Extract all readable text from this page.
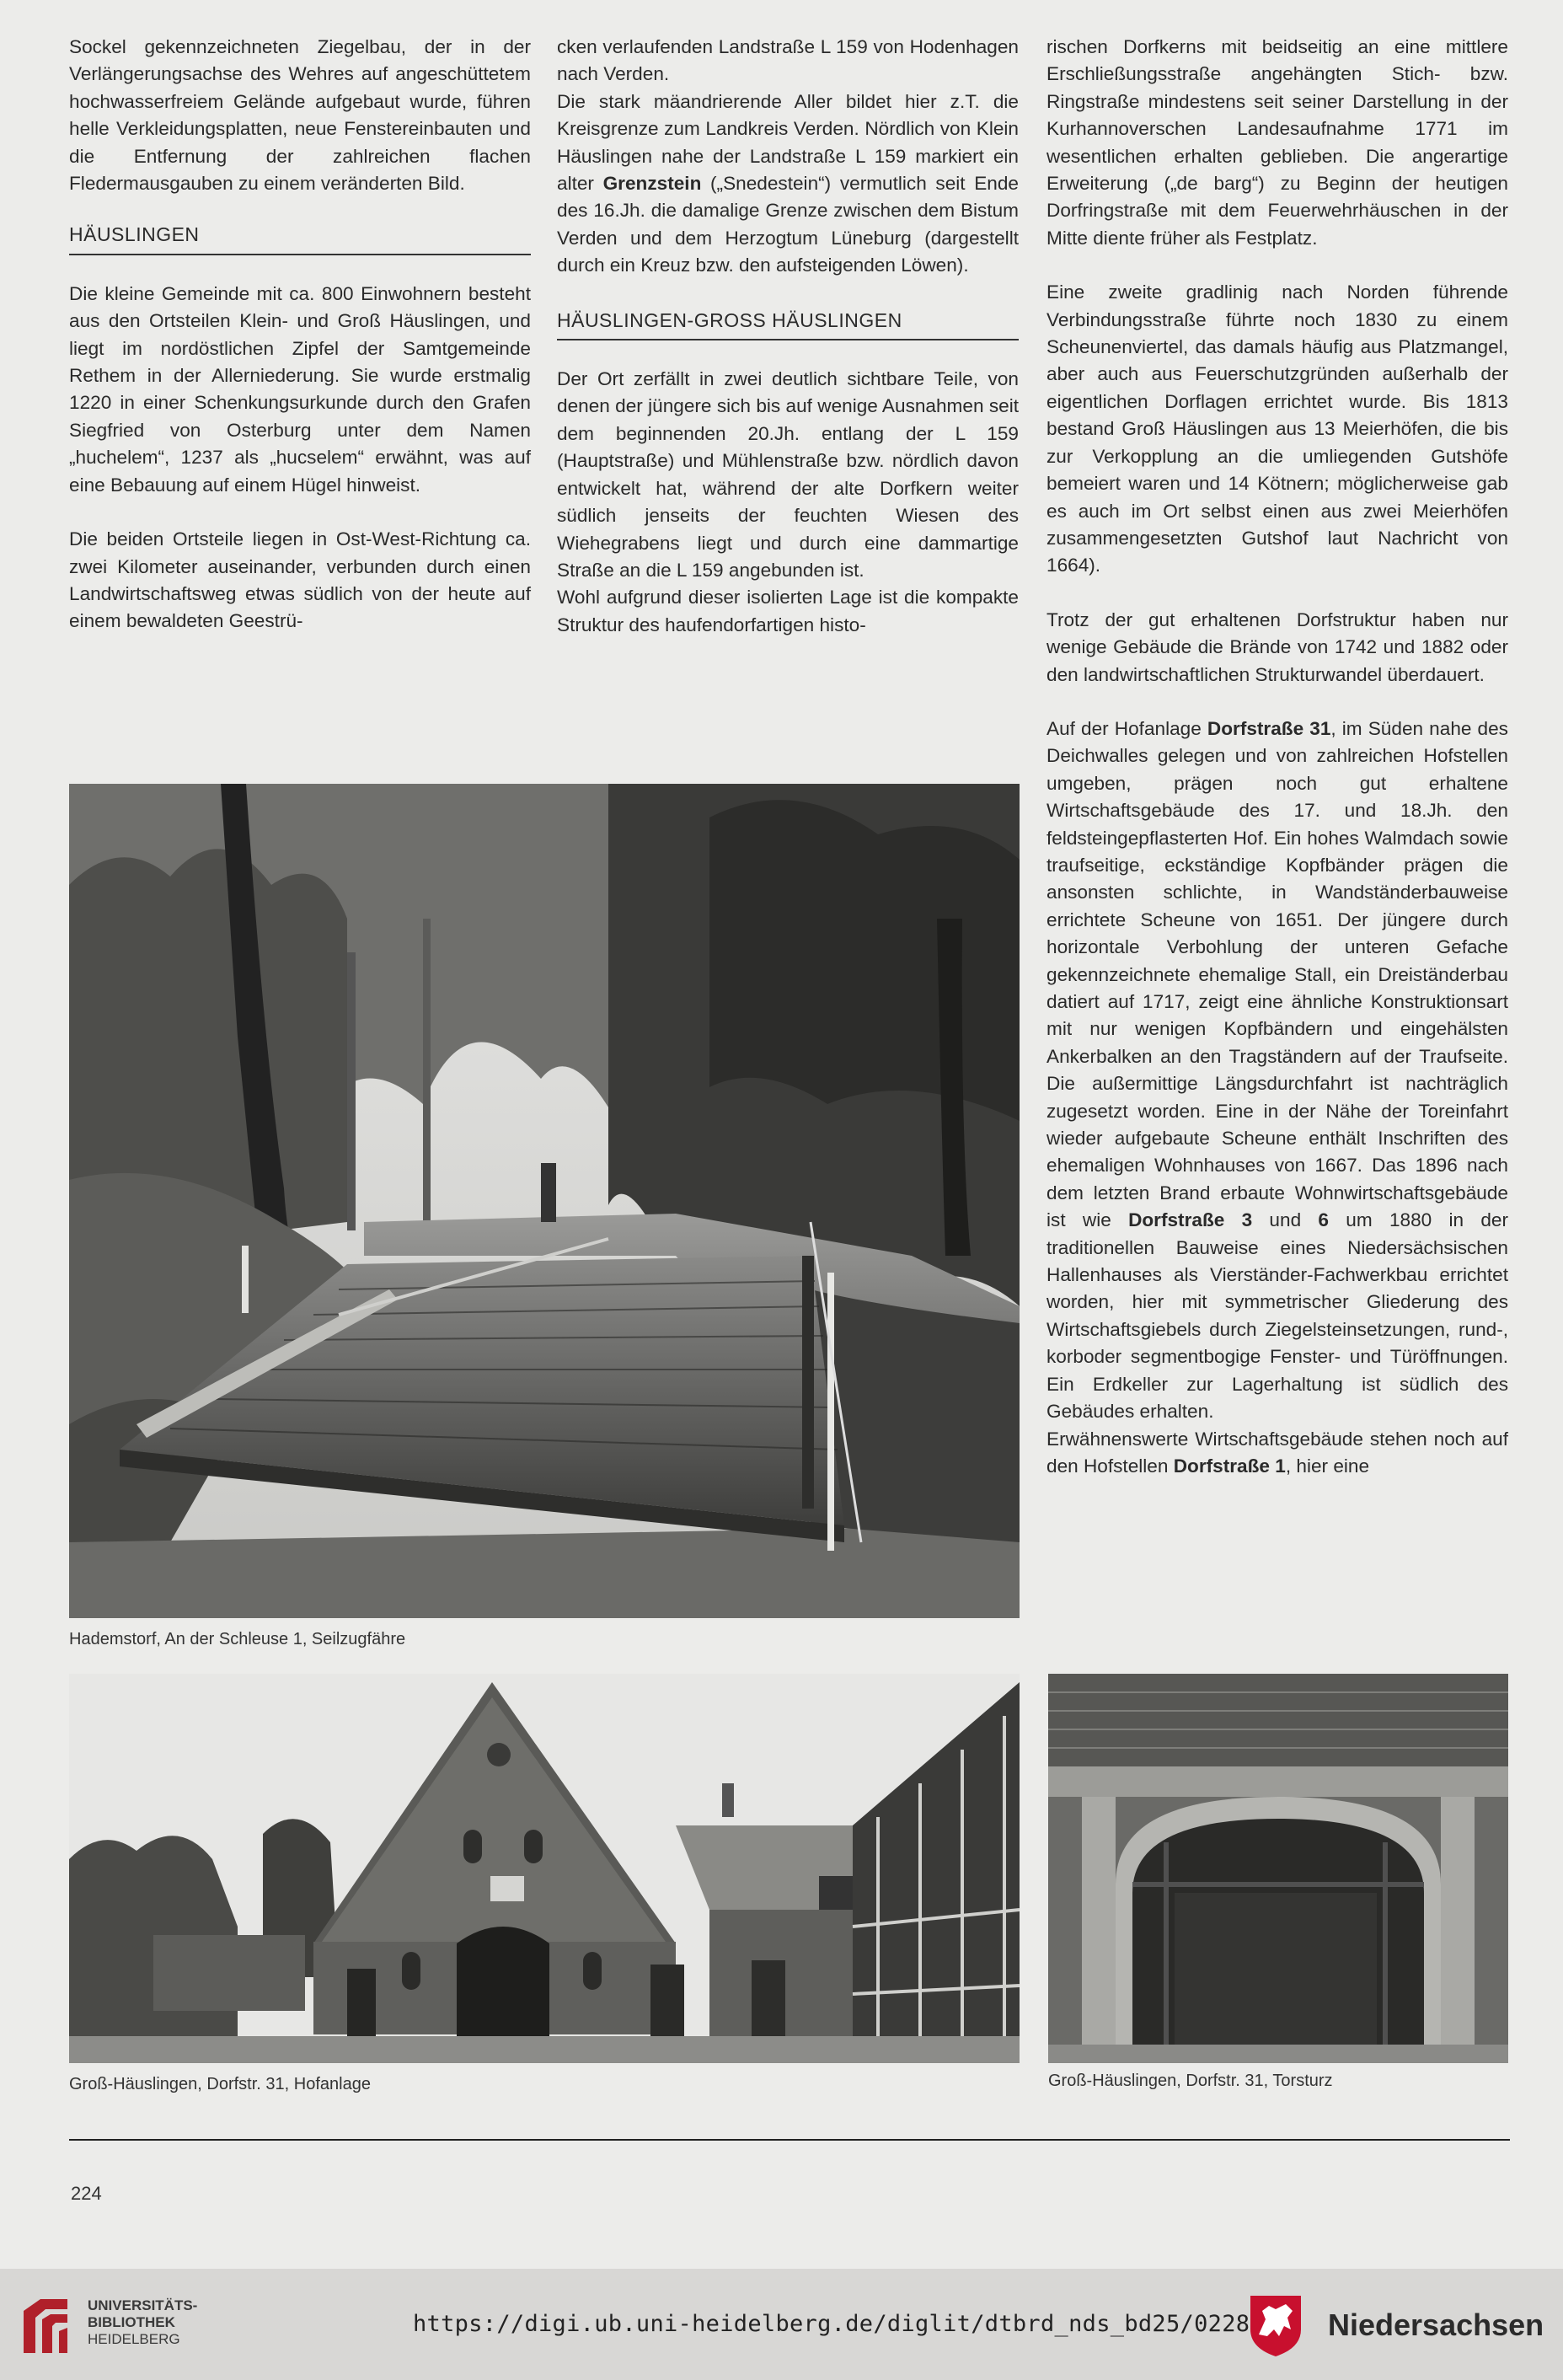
Sockel gekennzeichneten Ziegelbau, der in der Verlängerungsachse des Wehres auf angeschüttetem hochwasserfreiem Gelände aufgebaut wurde, führen helle Verkleidungsplatten, neue Fenstereinbauten und die Entfernung der zahlreichen flachen Fledermausgauben zu einem veränderten Bild.

HÄUSLINGEN

Die kleine Gemeinde mit ca. 800 Einwohnern besteht aus den Ortsteilen Klein- und Groß Häuslingen, und liegt im nordöstlichen Zipfel der Samtgemeinde Rethem in der Allerniederung. Sie wurde erstmalig 1220 in einer Schenkungsurkunde durch den Grafen Siegfried von Osterburg unter dem Namen „huchelem“, 1237 als „hucselem“ erwähnt, was auf eine Bebauung auf einem Hügel hinweist.

Die beiden Ortsteile liegen in Ost-West-Richtung ca. zwei Kilometer auseinander, verbunden durch einen Landwirtschaftsweg etwas südlich von der heute auf einem bewaldeten Geestrü-

cken verlaufenden Landstraße L 159 von Hodenhagen nach Verden.

Die stark mäandrierende Aller bildet hier z.T. die Kreisgrenze zum Landkreis Verden. Nördlich von Klein Häuslingen nahe der Landstraße L 159 markiert ein alter Grenzstein („Snedestein“) vermutlich seit Ende des 16.Jh. die damalige Grenze zwischen dem Bistum Verden und dem Herzogtum Lüneburg (dargestellt durch ein Kreuz bzw. den aufsteigenden Löwen).

HÄUSLINGEN-GROSS HÄUSLINGEN

Der Ort zerfällt in zwei deutlich sichtbare Teile, von denen der jüngere sich bis auf wenige Ausnahmen seit dem beginnenden 20.Jh. entlang der L 159 (Hauptstraße) und Mühlenstraße bzw. nördlich davon entwickelt hat, während der alte Dorfkern weiter südlich jenseits der feuchten Wiesen des Wiehegrabens liegt und durch eine dammartige Straße an die L 159 angebunden ist.

Wohl aufgrund dieser isolierten Lage ist die kompakte Struktur des haufendorfartigen histo-

rischen Dorfkerns mit beidseitig an eine mittlere Erschließungsstraße angehängten Stich- bzw. Ringstraße mindestens seit seiner Darstellung in der Kurhannoverschen Landesaufnahme 1771 im wesentlichen erhalten geblieben. Die angerartige Erweiterung („de barg“) zu Beginn der heutigen Dorfringstraße mit dem Feuerwehrhäuschen in der Mitte diente früher als Festplatz.

Eine zweite gradlinig nach Norden führende Verbindungsstraße führte noch 1830 zu einem Scheunenviertel, das damals häufig aus Platzmangel, aber auch aus Feuerschutzgründen außerhalb der eigentlichen Dorflagen errichtet wurde. Bis 1813 bestand Groß Häuslingen aus 13 Meierhöfen, die bis zur Verkopplung an die umliegenden Gutshöfe bemeiert waren und 14 Kötnern; möglicherweise gab es auch im Ort selbst einen aus zwei Meierhöfen zusammengesetzten Gutshof laut Nachricht von 1664).

Trotz der gut erhaltenen Dorfstruktur haben nur wenige Gebäude die Brände von 1742 und 1882 oder den landwirtschaftlichen Strukturwandel überdauert.

Auf der Hofanlage Dorfstraße 31, im Süden nahe des Deichwalles gelegen und von zahlreichen Hofstellen umgeben, prägen noch gut erhaltene Wirtschaftsgebäude des 17. und 18.Jh. den feldsteingepflasterten Hof. Ein hohes Walmdach sowie traufseitige, eckständige Kopfbänder prägen die ansonsten schlichte, in Wandständerbauweise errichtete Scheune von 1651. Der jüngere durch horizontale Verbohlung der unteren Gefache gekennzeichnete ehemalige Stall, ein Dreiständerbau datiert auf 1717, zeigt eine ähnliche Konstruktionsart mit nur wenigen Kopfbändern und eingehälsten Ankerbalken an den Tragständern auf der Traufseite. Die außermittige Längsdurchfahrt ist nachträglich zugesetzt worden. Eine in der Nähe der Toreinfahrt wieder aufgebaute Scheune enthält Inschriften des ehemaligen Wohnhauses von 1667. Das 1896 nach dem letzten Brand erbaute Wohnwirtschaftsgebäude ist wie Dorfstraße 3 und 6 um 1880 in der traditionellen Bauweise eines Niedersächsischen Hallenhauses als Vierständer-Fachwerkbau errichtet worden, hier mit symmetrischer Gliederung des Wirtschaftsgiebels durch Ziegelsteinsetzungen, rund-, korboder segmentbogige Fenster- und Türöffnungen. Ein Erdkeller zur Lagerhaltung ist südlich des Gebäudes erhalten.

Erwähnenswerte Wirtschaftsgebäude stehen noch auf den Hofstellen Dorfstraße 1, hier eine

Hademstorf, An der Schleuse 1, Seilzugfähre
Groß-Häuslingen, Dorfstr. 31, Hofanlage	Groß-Häuslingen, Dorfstr. 31, Torsturz
224
UNIVERSITÄTS-
BIBLIOTHEK
HEIDELBERG
https://digi.ub.uni-heidelberg.de/diglit/dtbrd_nds_bd25/0228	Niedersachsen
